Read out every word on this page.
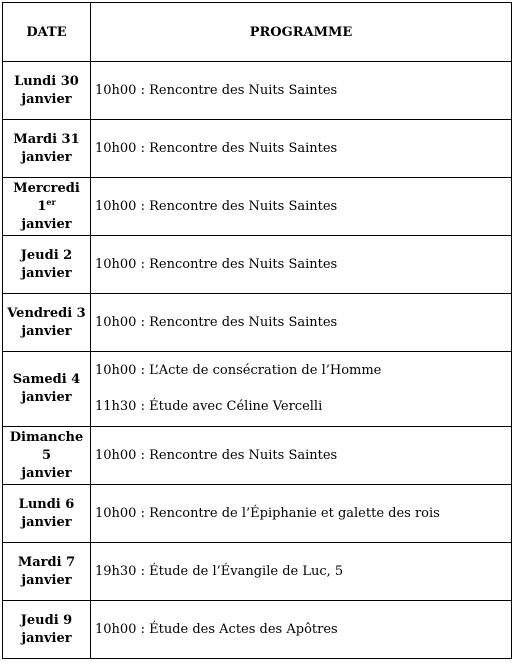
DATE	PROGRAMME
Lundi 30
janvier	10h00 : Rencontre des Nuits Saintes

Mardi 31
janvier	10h00 : Rencontre des Nuits Saintes

Mercredi 1er
janvier	10h00 : Rencontre des Nuits Saintes

Jeudi 2
janvier	10h00 : Rencontre des Nuits Saintes

Vendredi 3
janvier	10h00 : Rencontre des Nuits Saintes

Samedi 4
janvier	10h00 : L’Acte de consécration de l’Homme
11h30 : Étude avec Céline Vercelli

Dimanche 5
janvier	10h00 : Rencontre des Nuits Saintes

Lundi 6
janvier	10h00 : Rencontre de l’Épiphanie et galette des rois

Mardi 7
janvier	19h30 : Étude de l’Évangile de Luc, 5

Jeudi 9
janvier	10h00 : Étude des Actes des Apôtres
